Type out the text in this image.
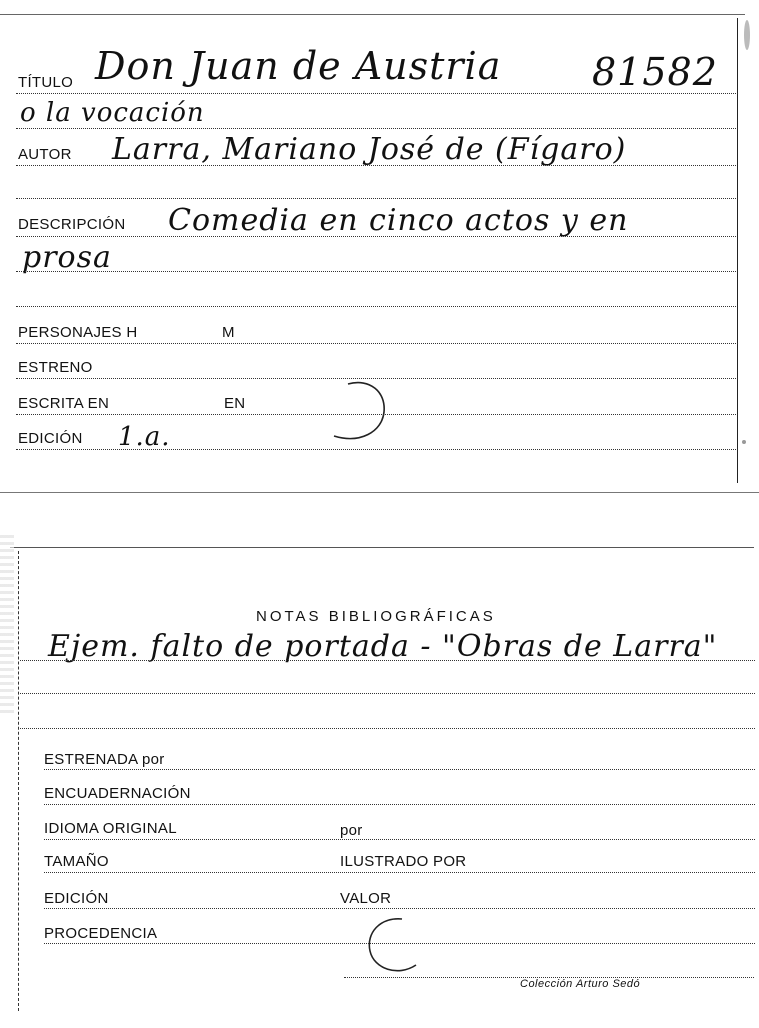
TÍTULO Don Juan de Austria 81582
o la vocación
AUTOR Larra, Mariano José de (Fígaro)
DESCRIPCIÓN Comedia en cinco actos y en
prosa
PERSONAJES H	M
ESTRENO
ESCRITA EN	EN
EDICIÓN 1.a.
NOTAS BIBLIOGRÁFICAS
Ejem. falto de portada - "Obras de Larra"
ESTRENADA por
ENCUADERNACIÓN
IDIOMA ORIGINAL	por
TAMAÑO	ILUSTRADO POR
EDICIÓN	VALOR
PROCEDENCIA
Colección Arturo Sedó
